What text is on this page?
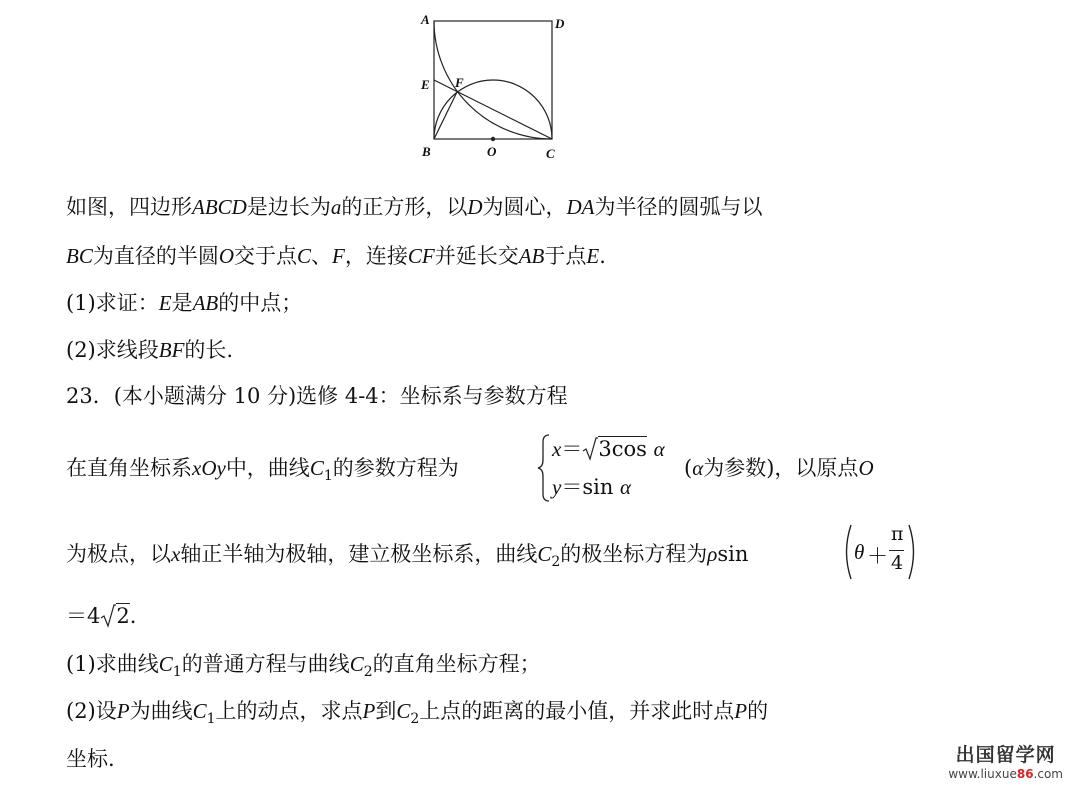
A	D
E F
B	O	C
如图，四边形ABCD是边长为a的正方形，以D为圆心，DA为半径的圆弧与以
BC为直径的半圆O交于点C、F，连接CF并延长交AB于点E.
(1)求证：E是AB的中点；
(2)求线段BF的长.
23．(本小题满分 10 分)选修 4-4：坐标系与参数方程
在直角坐标系xOy中，曲线$C_1$的参数方程为
x＝ 3cos α
y＝sin α
(α为参数)，以原点O
为极点，以x轴正半轴为极轴，建立极坐标系，曲线$C_2$的极坐标方程为ρsin	θ ＋
π
4
＝4 2.
(1)求曲线$C_1$的普通方程与曲线$C_2$的直角坐标方程；
(2)设P为曲线$C_1$上的动点，求点P到$C_2$上点的距离的最小值，并求此时点P的
坐标.	出国留学网
www.liuxue86.com
